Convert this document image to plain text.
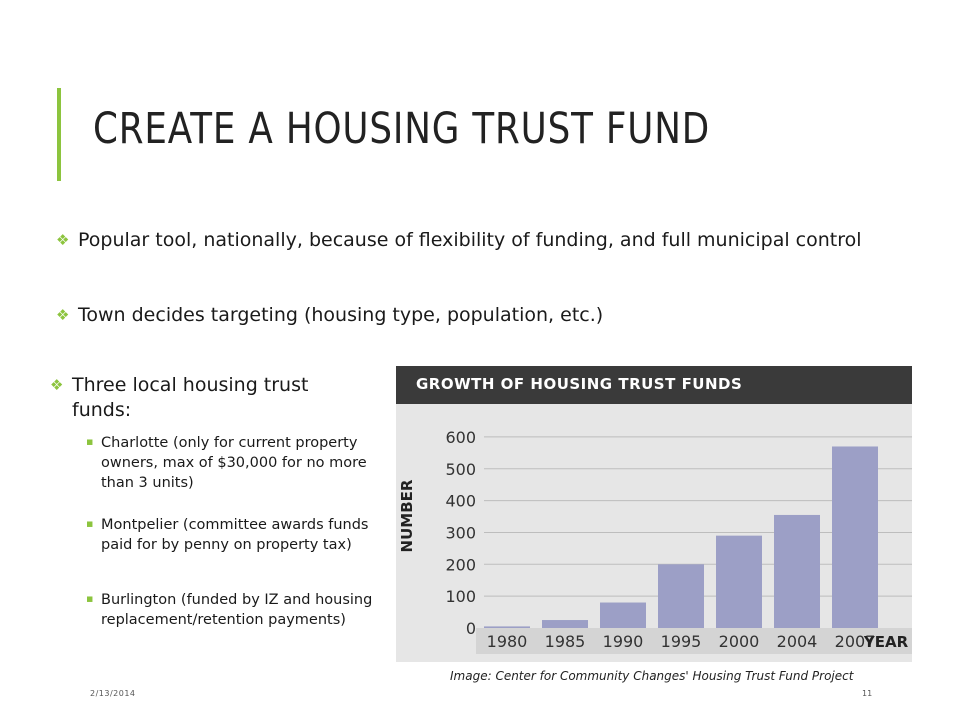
CREATE A HOUSING TRUST FUND
❖ Popular tool, nationally, because of flexibility of funding, and full municipal control
❖ Town decides targeting (housing type, population, etc.)
❖ Three local housing trust funds:
▪ Charlotte (only for current property owners, max of $30,000 for no more than 3 units)
▪ Montpelier (committee awards funds paid for by penny on property tax)
▪ Burlington (funded by IZ and housing replacement/retention payments)
GROWTH OF HOUSING TRUST FUNDS
0
100
200
300
400
500
600
NUMBER
1980 1985 1990 1995 2000 2004 2007
YEAR
Image: Center for Community Changes' Housing Trust Fund Project
2/13/2014	11
